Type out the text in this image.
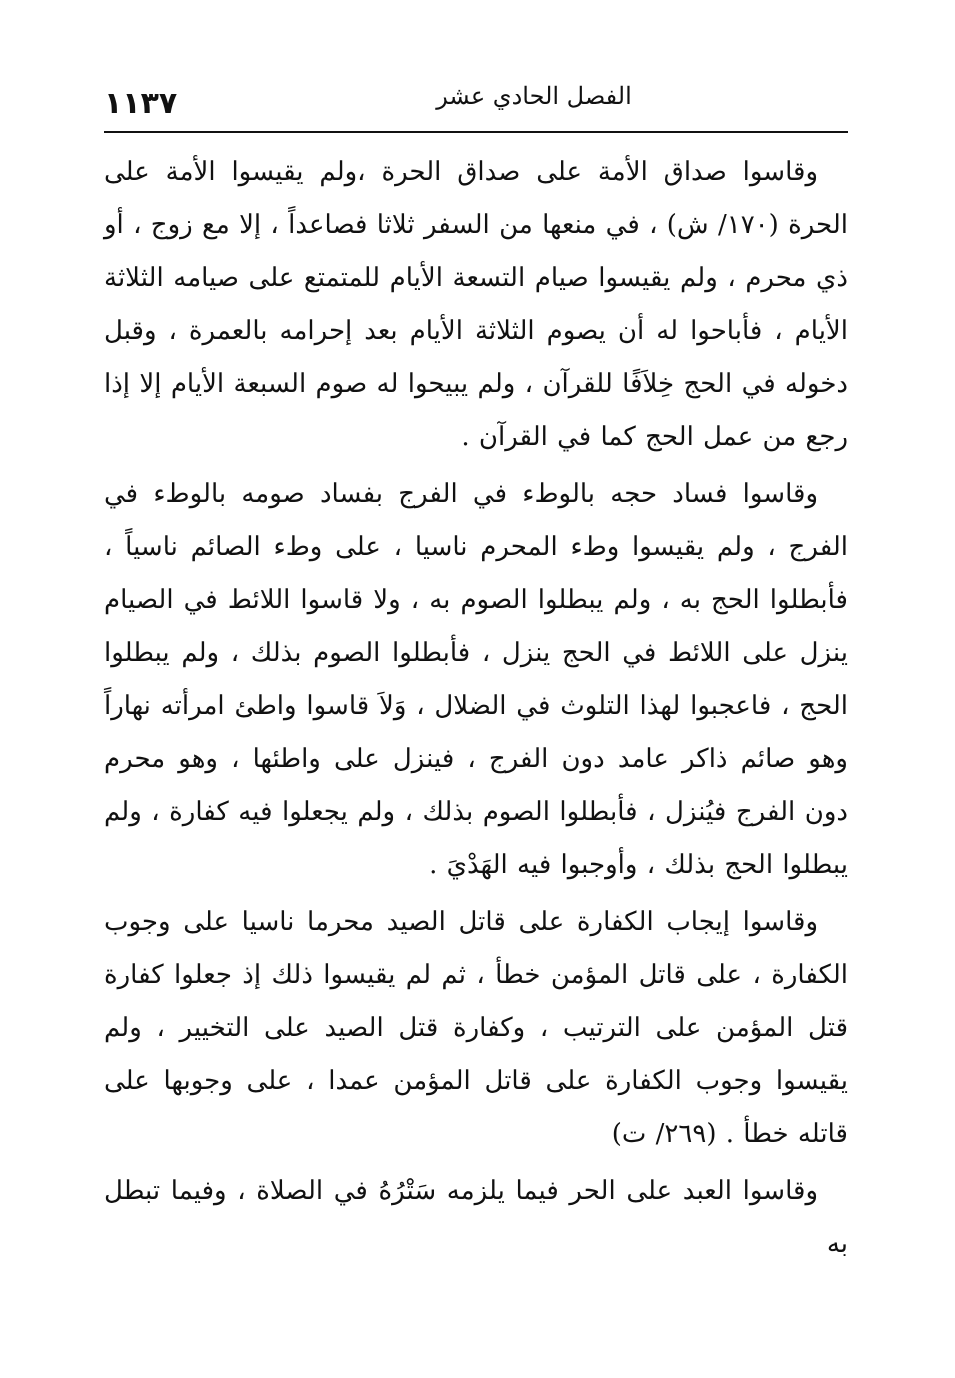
١١٣٧	الفصل الحادي عشر

وقاسوا صداق الأمة على صداق الحرة ،ولم يقيسوا الأمة على الحرة (١٧٠/ ش) ، في منعها من السفر ثلاثا فصاعداً ، إلا مع زوج ، أو ذي محرم ، ولم يقيسوا صيام التسعة الأيام للمتمتع على صيامه الثلاثة الأيام ، فأباحوا له أن يصوم الثلاثة الأيام بعد إحرامه بالعمرة ، وقبل دخوله في الحج خِلاَفًا للقرآن ، ولم يبيحوا له صوم السبعة الأيام إلا إذا رجع من عمل الحج كما في القرآن .

وقاسوا فساد حجه بالوطء في الفرج بفساد صومه بالوطء في الفرج ، ولم يقيسوا وطء المحرم ناسيا ، على وطء الصائم ناسياً ، فأبطلوا الحج به ، ولم يبطلوا الصوم به ، ولا قاسوا اللائط في الصيام ينزل على اللائط في الحج ينزل ، فأبطلوا الصوم بذلك ، ولم يبطلوا الحج ، فاعجبوا لهذا التلوث في الضلال ، وَلاَ قاسوا واطئ امرأته نهاراً وهو صائم ذاكر عامد دون الفرج ، فينزل على واطئها ، وهو محرم دون الفرج فيُنزل ، فأبطلوا الصوم بذلك ، ولم يجعلوا فيه كفارة ، ولم يبطلوا الحج بذلك ، وأوجبوا فيه الهَدْيَ .

وقاسوا إيجاب الكفارة على قاتل الصيد محرما ناسيا على وجوب الكفارة ، على قاتل المؤمن خطأ ، ثم لم يقيسوا ذلك إذ جعلوا كفارة قتل المؤمن على الترتيب ، وكفارة قتل الصيد على التخيير ، ولم يقيسوا وجوب الكفارة على قاتل المؤمن عمدا ، على وجوبها على قاتله خطأ . (٢٦٩/ ت)

وقاسوا العبد على الحر فيما يلزمه سَتْرُهُ في الصلاة ، وفيما تبطل به
